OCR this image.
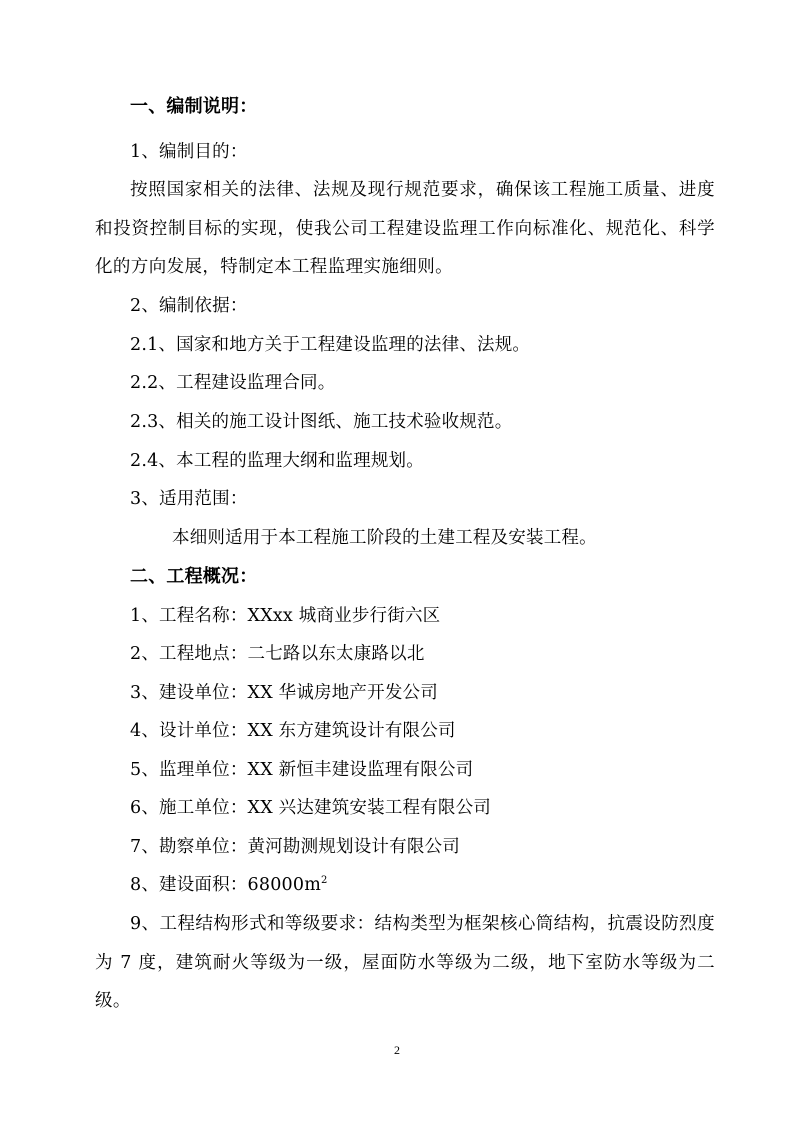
一、编制说明：
1、编制目的：
按照国家相关的法律、法规及现行规范要求，确保该工程施工质量、进度和投资控制目标的实现，使我公司工程建设监理工作向标准化、规范化、科学化的方向发展，特制定本工程监理实施细则。
2、编制依据：
2.1、国家和地方关于工程建设监理的法律、法规。
2.2、工程建设监理合同。
2.3、相关的施工设计图纸、施工技术验收规范。
2.4、本工程的监理大纲和监理规划。
3、适用范围：
本细则适用于本工程施工阶段的土建工程及安装工程。
二、工程概况：
1、工程名称：XXxx 城商业步行街六区
2、工程地点：二七路以东太康路以北
3、建设单位：XX 华诚房地产开发公司
4、设计单位：XX 东方建筑设计有限公司
5、监理单位：XX 新恒丰建设监理有限公司
6、施工单位：XX 兴达建筑安装工程有限公司
7、勘察单位：黄河勘测规划设计有限公司
8、建设面积：$68000m^2$
9、工程结构形式和等级要求：结构类型为框架核心筒结构，抗震设防烈度为 7 度，建筑耐火等级为一级，屋面防水等级为二级，地下室防水等级为二级。
2
